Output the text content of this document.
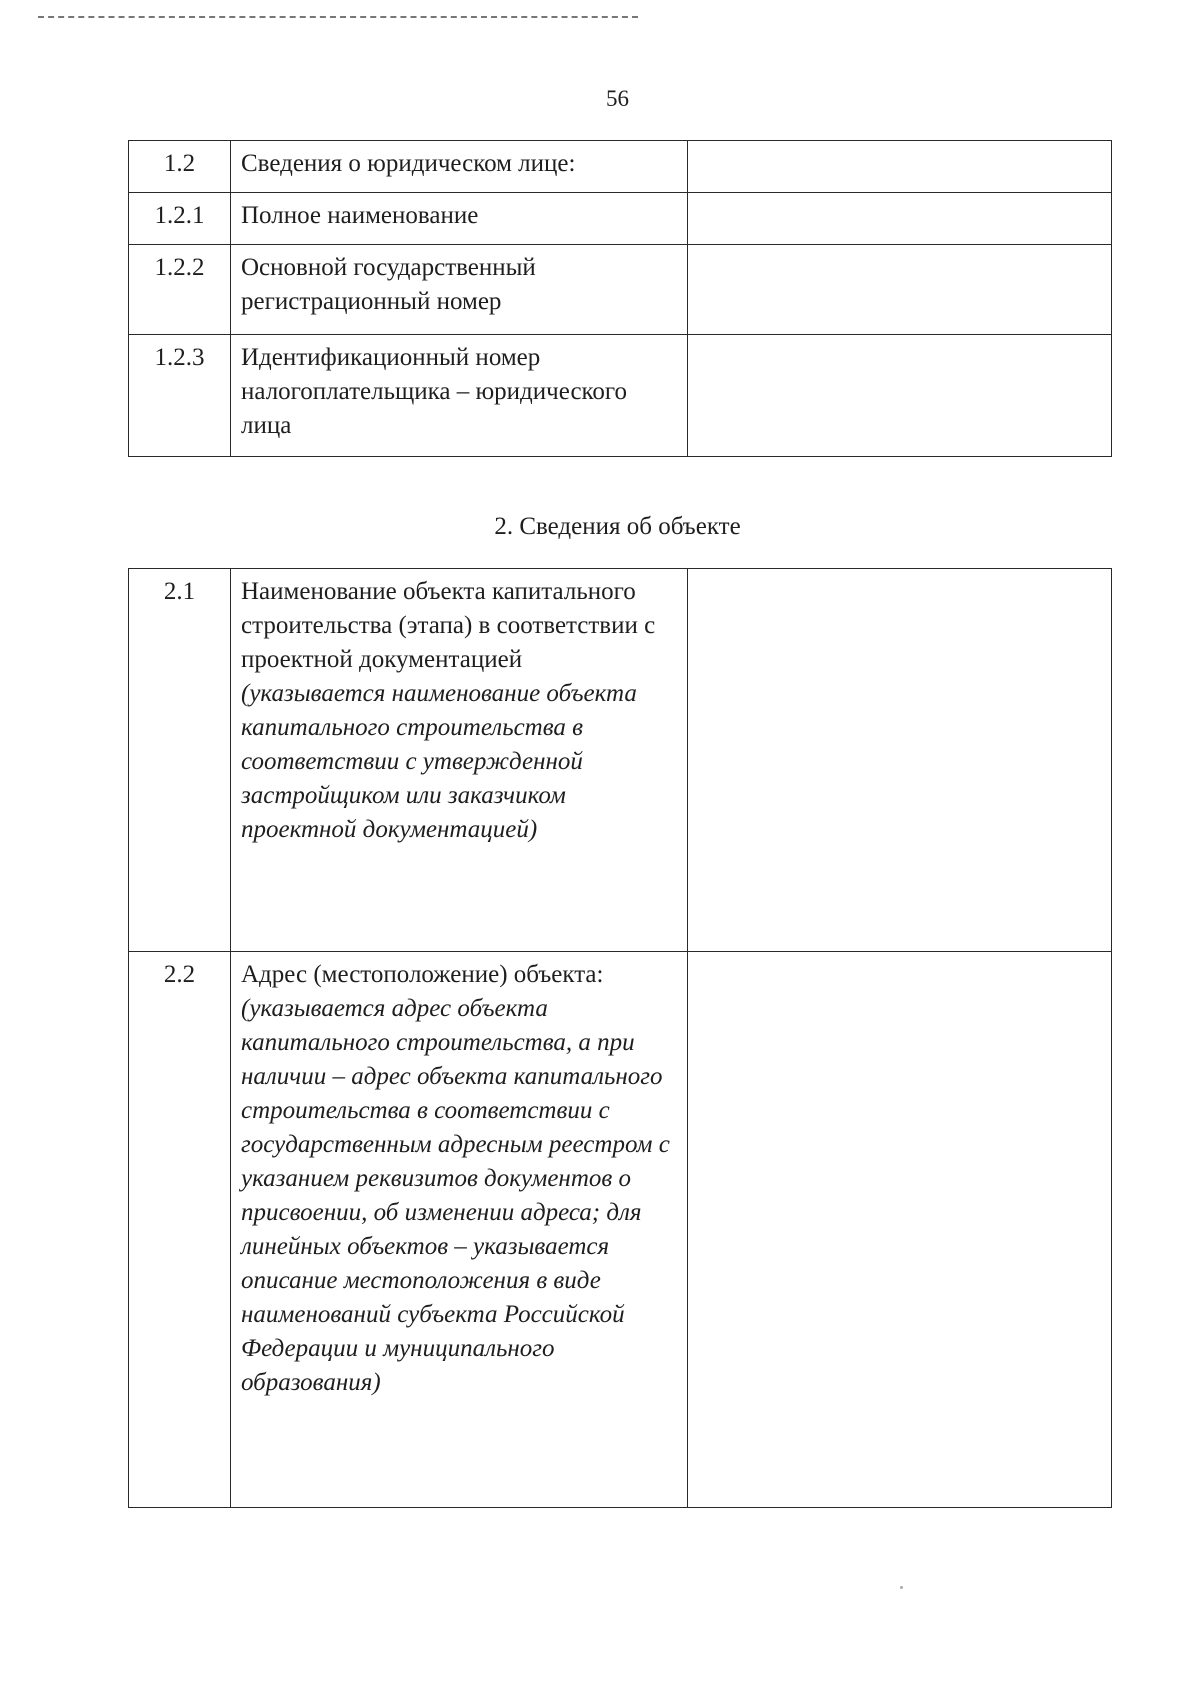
56
1.2	Сведения о юридическом лице:	
1.2.1	Полное наименование	
1.2.2	Основной государственный регистрационный номер	
1.2.3	Идентификационный номер налогоплательщика – юридического лица	
2. Сведения об объекте
2.1	Наименование объекта капитального строительства (этапа) в соответствии с проектной документацией
(указывается наименование объекта капитального строительства в соответствии с утвержденной застройщиком или заказчиком проектной документацией)	

2.2	Адрес (местоположение) объекта:
(указывается адрес объекта капитального строительства, а при наличии – адрес объекта капитального строительства в соответствии с государственным адресным реестром с указанием реквизитов документов о присвоении, об изменении адреса; для линейных объектов – указывается описание местоположения в виде наименований субъекта Российской Федерации и муниципального образования)	
